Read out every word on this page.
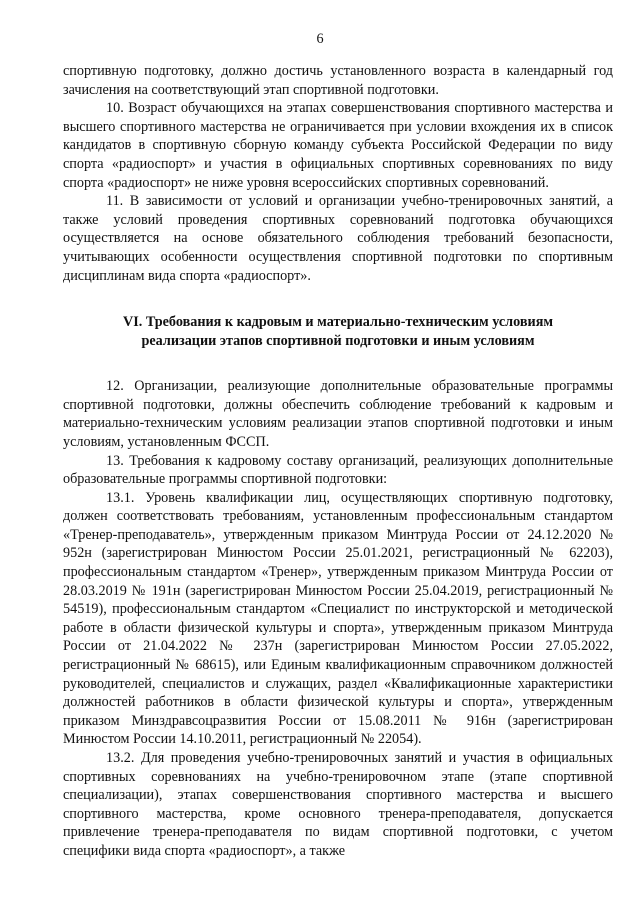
6

спортивную подготовку, должно достичь установленного возраста в календарный год зачисления на соответствующий этап спортивной подготовки.

10. Возраст обучающихся на этапах совершенствования спортивного мастерства и высшего спортивного мастерства не ограничивается при условии вхождения их в список кандидатов в спортивную сборную команду субъекта Российской Федерации по виду спорта «радиоспорт» и участия в официальных спортивных соревнованиях по виду спорта «радиоспорт» не ниже уровня всероссийских спортивных соревнований.

11. В зависимости от условий и организации учебно-тренировочных занятий, а также условий проведения спортивных соревнований подготовка обучающихся осуществляется на основе обязательного соблюдения требований безопасности, учитывающих особенности осуществления спортивной подготовки по спортивным дисциплинам вида спорта «радиоспорт».

VI. Требования к кадровым и материально-техническим условиям
реализации этапов спортивной подготовки и иным условиям

12. Организации, реализующие дополнительные образовательные программы спортивной подготовки, должны обеспечить соблюдение требований к кадровым и материально-техническим условиям реализации этапов спортивной подготовки и иным условиям, установленным ФССП.

13. Требования к кадровому составу организаций, реализующих дополнительные образовательные программы спортивной подготовки:

13.1. Уровень квалификации лиц, осуществляющих спортивную подготовку, должен соответствовать требованиям, установленным профессиональным стандартом «Тренер-преподаватель», утвержденным приказом Минтруда России от 24.12.2020 № 952н (зарегистрирован Минюстом России 25.01.2021, регистрационный № 62203), профессиональным стандартом «Тренер», утвержденным приказом Минтруда России от 28.03.2019 № 191н (зарегистрирован Минюстом России 25.04.2019, регистрационный № 54519), профессиональным стандартом «Специалист по инструкторской и методической работе в области физической культуры и спорта», утвержденным приказом Минтруда России от 21.04.2022 № 237н (зарегистрирован Минюстом России 27.05.2022, регистрационный № 68615), или Единым квалификационным справочником должностей руководителей, специалистов и служащих, раздел «Квалификационные характеристики должностей работников в области физической культуры и спорта», утвержденным приказом Минздравсоцразвития России от 15.08.2011 № 916н (зарегистрирован Минюстом России 14.10.2011, регистрационный № 22054).

13.2. Для проведения учебно-тренировочных занятий и участия в официальных спортивных соревнованиях на учебно-тренировочном этапе (этапе спортивной специализации), этапах совершенствования спортивного мастерства и высшего спортивного мастерства, кроме основного тренера-преподавателя, допускается привлечение тренера-преподавателя по видам спортивной подготовки, с учетом специфики вида спорта «радиоспорт», а также
